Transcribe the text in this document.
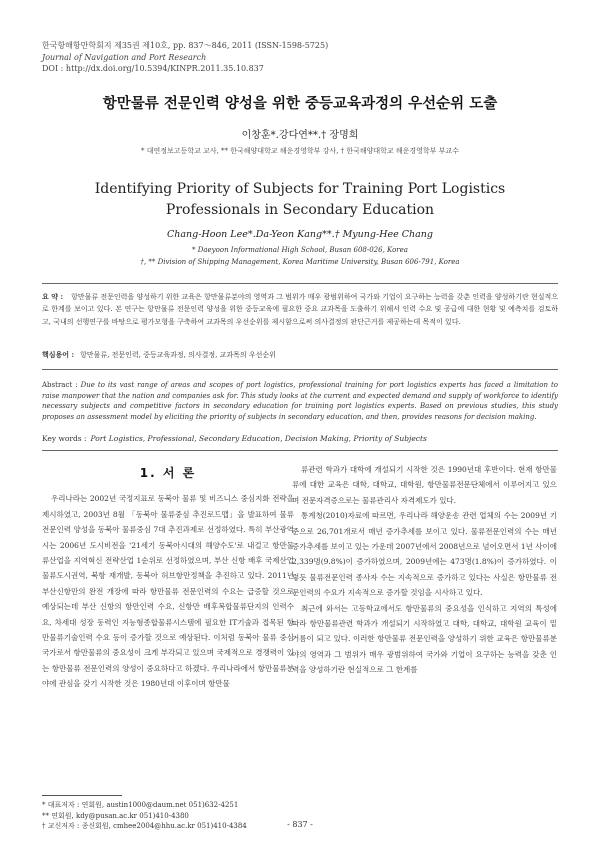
한국항해항만학회지 제35권 제10호, pp. 837～846, 2011 (ISSN-1598-5725)
Journal of Navigation and Port Research
DOI : http://dx.doi.org/10.5394/KINPR.2011.35.10.837
항만물류 전문인력 양성을 위한 중등교육과정의 우선순위 도출
이창훈*․강다연**․† 장명희
* 대연정보고등학교 교사, ** 한국해양대학교 해운경영학부 강사, † 한국해양대학교 해운경영학부 부교수
Identifying Priority of Subjects for Training Port Logistics Professionals in Secondary Education
Chang-Hoon Lee*․Da-Yeon Kang**․† Myung-Hee Chang
* Daeyoon Informational High School, Busan 608-026, Korea
†, ** Division of Shipping Management, Korea Maritime University, Busan 606-791, Korea
요 약 : 항만물류 전문인력을 양성하기 위한 교육은 항만물류분야의 영역과 그 범위가 매우 광범위하여 국가와 기업이 요구하는 능력을 갖춘 인력을 양성하기란 현실적으로 한계를 보이고 있다. 본 연구는 항만물류 전문인력 양성을 위한 중등교육에 필요한 중요 교과목을 도출하기 위해서 인력 수요 및 공급에 대한 현황 및 예측치를 검토하고, 국내의 선행연구를 바탕으로 평가모형을 구축하여 교과목의 우선순위를 제시함으로써 의사결정의 판단근거를 제공하는데 목적이 있다.
핵심용어 : 항만물류, 전문인력, 중등교육과정, 의사결정, 교과목의 우선순위
Abstract : Due to its vast range of areas and scopes of port logistics, professional training for port logistics experts has faced a limitation to raise manpower that the nation and companies ask for. This study looks at the current and expected demand and supply of workforce to identify necessary subjects and competitive factors in secondary education for training port logistics experts. Based on previous studies, this study proposes an assessment model by eliciting the priority of subjects in secondary education, and then, provides reasons for decision making.
Key words : Port Logistics, Professional, Secondary Education, Decision Making, Priority of Subjects
1. 서 론

우리나라는 2002년 국정지표로 동북아 물류 및 비즈니스 중심지화 전략을 제시하였고, 2003년 8월 「동북아 물류중심 추진로드맵」을 발표하여 물류전문인력 양성을 동북아 물류중심 7대 추진과제로 선정하였다. 특히 부산광역시는 2006년 도시비전을 '21세기 동북아시대의 해양수도'로 내걸고 항만물류산업을 지역혁신 전략산업 1순위로 선정하였으며, 부산 신항 배후 국제산업 물류도시권역, 북항 재개발, 동북아 허브항만정책을 추진하고 있다. 2011년 부산신항만의 완전 개장에 따라 항만물류 전문인력의 수요는 급증할 것으로 예상되는데 부산 신항의 항만인력 수요, 신항만 배후복합물류단지의 인력수요, 차세대 성장 동력인 지능형종합물류시스템에 필요한 IT기술과 접목된 항만물류기술인력 수요 등이 증가할 것으로 예상된다. 이처럼 동북아 물류 중심국가로서 항만물류의 중요성이 크게 부각되고 있으며 국제적으로 경쟁력이 있는 항만물류 전문인력의 양성이 중요하다고 하겠다. 우리나라에서 항만물류분야에 관심을 갖기 시작한 것은 1980년대 이후이며 항만물

류관련 학과가 대학에 개설되기 시작한 것은 1990년대 후반이다. 현재 항만물류에 대한 교육은 대학, 대학교, 대학원, 항만물류전문단체에서 이루어지고 있으며 전문자격증으로는 물류관리사 자격제도가 있다.

통계청(2010)자료에 따르면, 우리나라 해양운송 관련 업체의 수는 2009년 기준으로 26,701개로서 매년 증가추세를 보이고 있다. 물류전문인력의 수는 매년 증가추세를 보이고 있는 가운데 2007년에서 2008년으로 넘어오면서 1년 사이에 2,339명(9.8%)이 증가하였으며, 2009년에는 473명(1.8%)이 증가하였다. 이렇듯 물류전문인력 종사자 수는 지속적으로 증가하고 있다는 사실은 항만물류 전문인력의 수요가 지속적으로 증가할 것임을 시사하고 있다.

최근에 와서는 고등학교에서도 항만물류의 중요성을 인식하고 지역의 특성에 따라 항만물류관련 학과가 개설되기 시작하였고 대학, 대학교, 대학원 교육이 밑거름이 되고 있다. 이러한 항만물류 전문인력을 양성하기 위한 교육은 항만물류분야의 영역과 그 범위가 매우 광범위하여 국가와 기업이 요구하는 능력을 갖춘 인력을 양성하기란 현실적으로 그 한계를

* 대표저자 : 연회원, austin1000@daum.net 051)632-4251
** 연회원, kdy@pusan.ac.kr 051)410-4380
† 교신저자 : 종신회원, cmhee2004@hhu.ac.kr 051)410-4384	- 837 -
